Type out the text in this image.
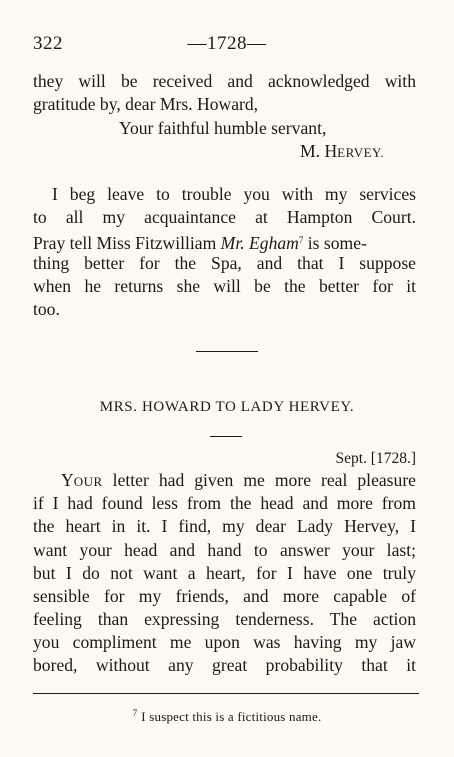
322	—1728—
they will be received and acknowledged with
gratitude by, dear Mrs. Howard,
Your faithful humble servant,
M. HERVEY.
I beg leave to trouble you with my services
to all my acquaintance at Hampton Court.
Pray tell Miss Fitzwilliam Mr. Egham$^7$ is some-
thing better for the Spa, and that I suppose
when he returns she will be the better for it
too.
MRS. HOWARD TO LADY HERVEY.
Sept. [1728.]
YOUR letter had given me more real pleasure
if I had found less from the head and more from
the heart in it. I find, my dear Lady Hervey, I
want your head and hand to answer your last;
but I do not want a heart, for I have one truly
sensible for my friends, and more capable of
feeling than expressing tenderness. The action
you compliment me upon was having my jaw
bored, without any great probability that it
$^7$ I suspect this is a fictitious name.
